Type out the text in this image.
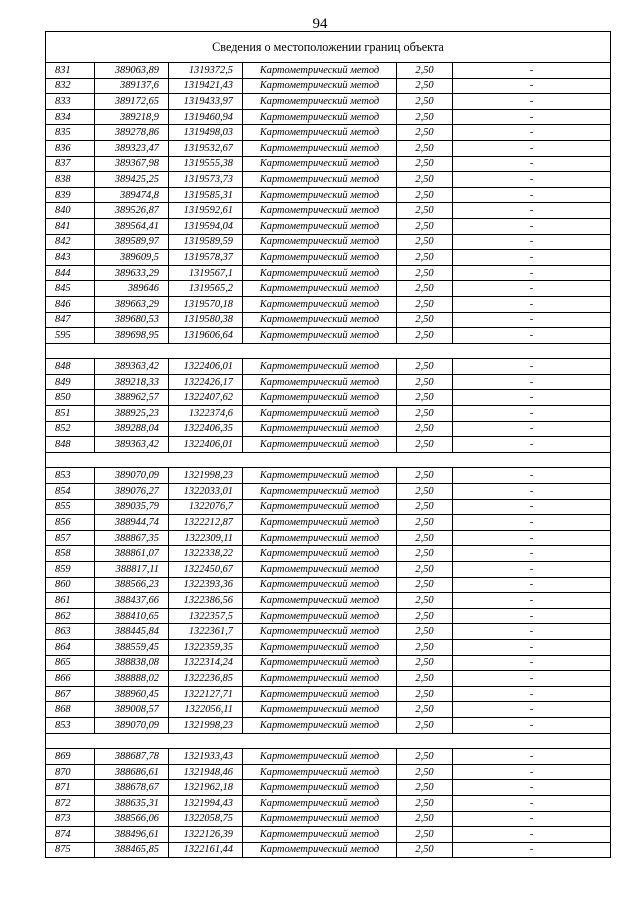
94
Сведения о местоположении границ объекта					
831	389063,89	1319372,5	Картометрический метод	2,50	-
832	389137,6	1319421,43	Картометрический метод	2,50	-
833	389172,65	1319433,97	Картометрический метод	2,50	-
834	389218,9	1319460,94	Картометрический метод	2,50	-
835	389278,86	1319498,03	Картометрический метод	2,50	-
836	389323,47	1319532,67	Картометрический метод	2,50	-
837	389367,98	1319555,38	Картометрический метод	2,50	-
838	389425,25	1319573,73	Картометрический метод	2,50	-
839	389474,8	1319585,31	Картометрический метод	2,50	-
840	389526,87	1319592,61	Картометрический метод	2,50	-
841	389564,41	1319594,04	Картометрический метод	2,50	-
842	389589,97	1319589,59	Картометрический метод	2,50	-
843	389609,5	1319578,37	Картометрический метод	2,50	-
844	389633,29	1319567,1	Картометрический метод	2,50	-
845	389646	1319565,2	Картометрический метод	2,50	-
846	389663,29	1319570,18	Картометрический метод	2,50	-
847	389680,53	1319580,38	Картометрический метод	2,50	-
595	389698,95	1319606,64	Картометрический метод	2,50	-

848	389363,42	1322406,01	Картометрический метод	2,50	-
849	389218,33	1322426,17	Картометрический метод	2,50	-
850	388962,57	1322407,62	Картометрический метод	2,50	-
851	388925,23	1322374,6	Картометрический метод	2,50	-
852	389288,04	1322406,35	Картометрический метод	2,50	-
848	389363,42	1322406,01	Картометрический метод	2,50	-

853	389070,09	1321998,23	Картометрический метод	2,50	-
854	389076,27	1322033,01	Картометрический метод	2,50	-
855	389035,79	1322076,7	Картометрический метод	2,50	-
856	388944,74	1322212,87	Картометрический метод	2,50	-
857	388867,35	1322309,11	Картометрический метод	2,50	-
858	388861,07	1322338,22	Картометрический метод	2,50	-
859	388817,11	1322450,67	Картометрический метод	2,50	-
860	388566,23	1322393,36	Картометрический метод	2,50	-
861	388437,66	1322386,56	Картометрический метод	2,50	-
862	388410,65	1322357,5	Картометрический метод	2,50	-
863	388445,84	1322361,7	Картометрический метод	2,50	-
864	388559,45	1322359,35	Картометрический метод	2,50	-
865	388838,08	1322314,24	Картометрический метод	2,50	-
866	388888,02	1322236,85	Картометрический метод	2,50	-
867	388960,45	1322127,71	Картометрический метод	2,50	-
868	389008,57	1322056,11	Картометрический метод	2,50	-
853	389070,09	1321998,23	Картометрический метод	2,50	-

869	388687,78	1321933,43	Картометрический метод	2,50	-
870	388686,61	1321948,46	Картометрический метод	2,50	-
871	388678,67	1321962,18	Картометрический метод	2,50	-
872	388635,31	1321994,43	Картометрический метод	2,50	-
873	388566,06	1322058,75	Картометрический метод	2,50	-
874	388496,61	1322126,39	Картометрический метод	2,50	-
875	388465,85	1322161,44	Картометрический метод	2,50	-
